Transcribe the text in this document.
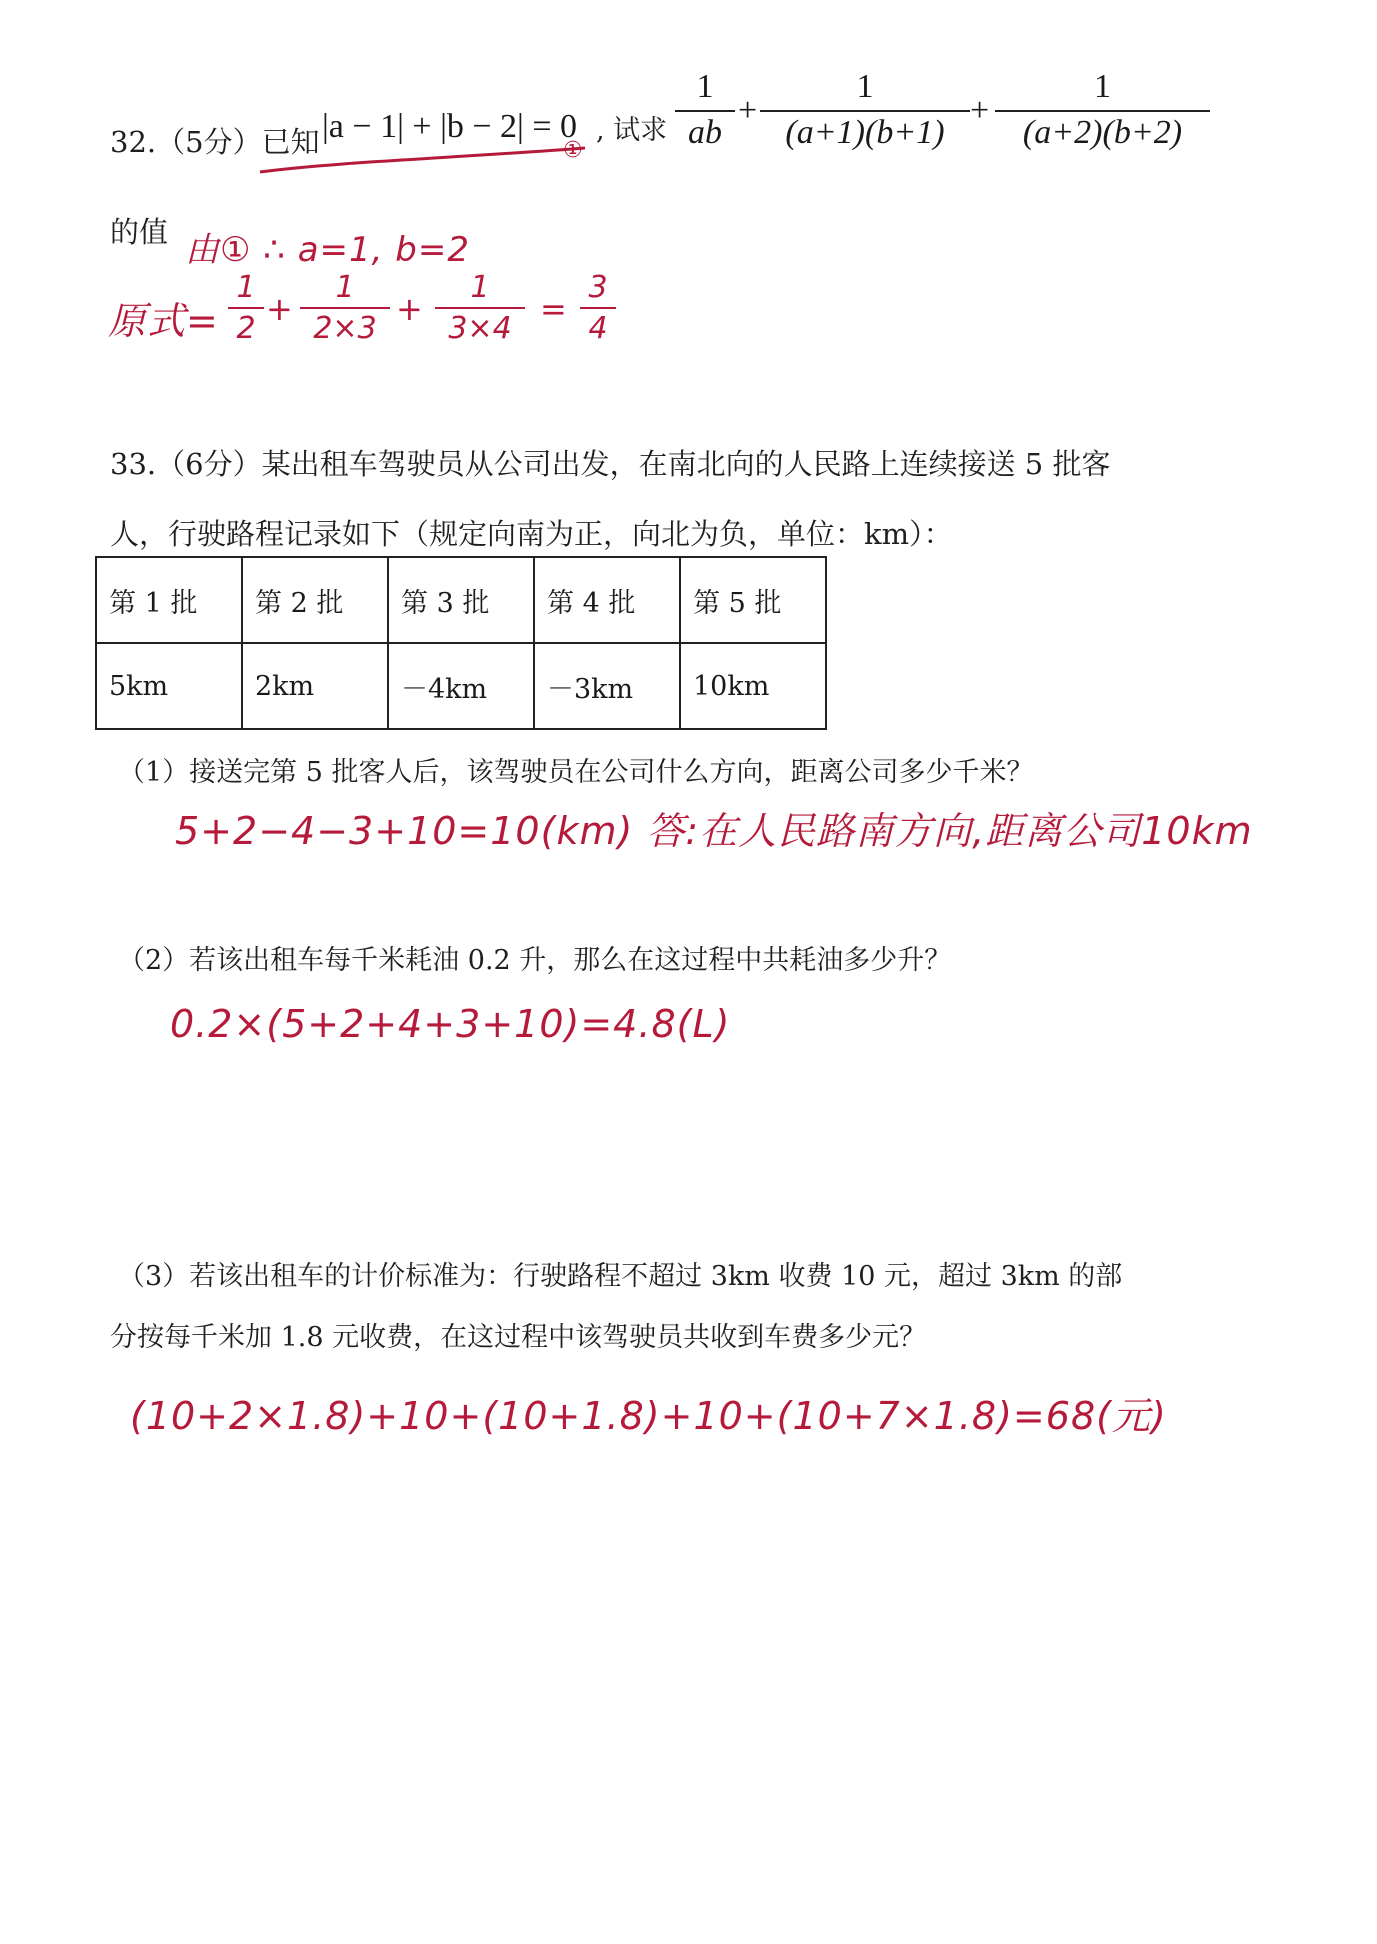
32.（5分）已知 |a − 1| + |b − 2| = 0
①
, 试求
1
ab
+
1
(a+1)(b+1)
+
1
(a+2)(b+2)
的值 由① ∴ a=1, b=2
原式=
1
2
+
1
2×3
+
1
3×4
=
3
4
33.（6分）某出租车驾驶员从公司出发，在南北向的人民路上连续接送 5 批客
人，行驶路程记录如下（规定向南为正，向北为负，单位：km）：
第 1 批	第 2 批	第 3 批	第 4 批	第 5 批
5km	2km	－4km	－3km	10km
（1）接送完第 5 批客人后，该驾驶员在公司什么方向，距离公司多少千米？
5+2−4−3+10=10(km) 答:在人民路南方向,距离公司10km
（2）若该出租车每千米耗油 0.2 升，那么在这过程中共耗油多少升？
0.2×(5+2+4+3+10)=4.8(L)
（3）若该出租车的计价标准为：行驶路程不超过 3km 收费 10 元，超过 3km 的部
分按每千米加 1.8 元收费，在这过程中该驾驶员共收到车费多少元？
(10+2×1.8)+10+(10+1.8)+10+(10+7×1.8)=68(元)
